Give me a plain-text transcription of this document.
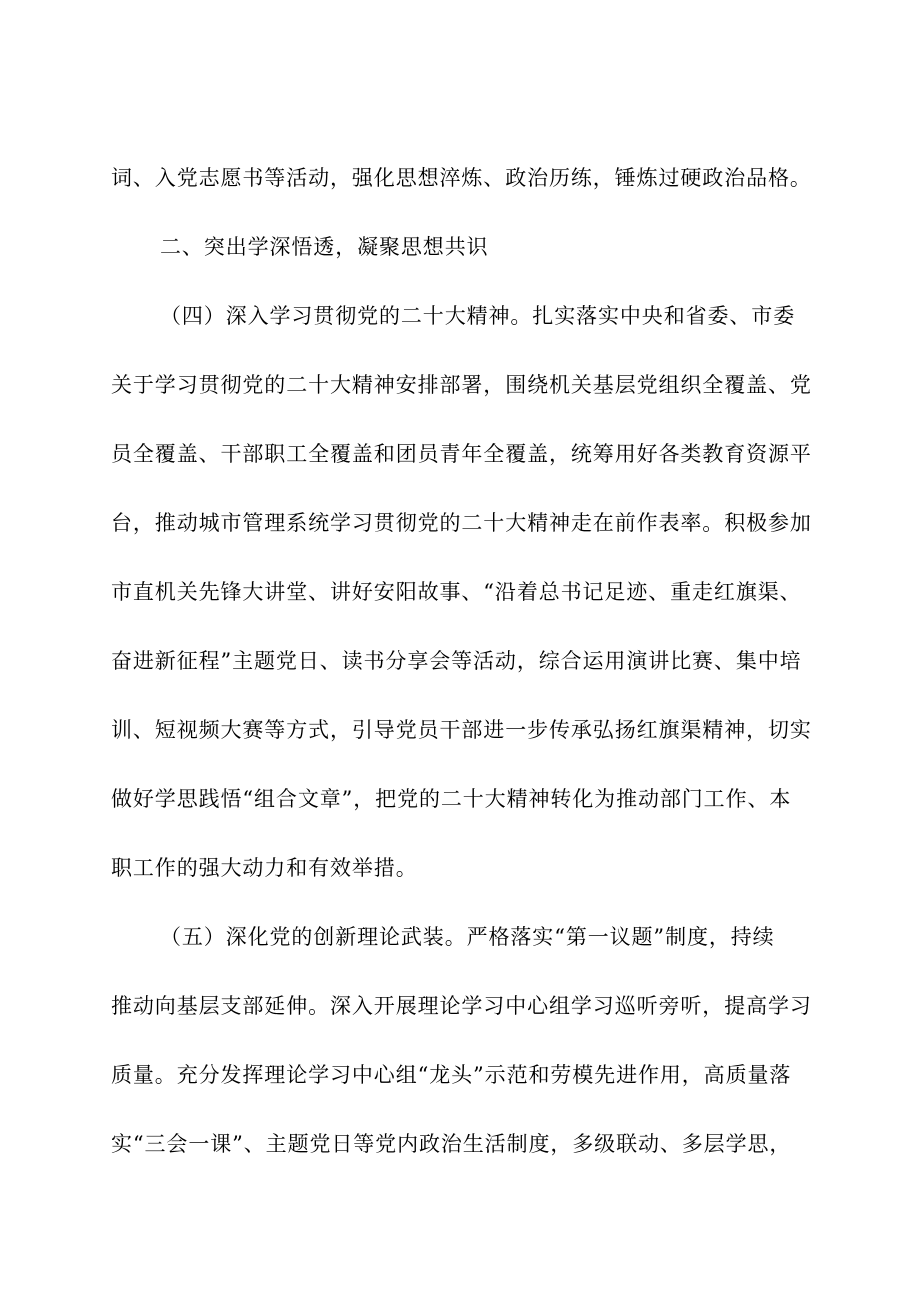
词、入党志愿书等活动，强化思想淬炼、政治历练，锤炼过硬政治品格。
二、突出学深悟透，凝聚思想共识
（四）深入学习贯彻党的二十大精神。扎实落实中央和省委、市委
关于学习贯彻党的二十大精神安排部署，围绕机关基层党组织全覆盖、党
员全覆盖、干部职工全覆盖和团员青年全覆盖，统筹用好各类教育资源平
台，推动城市管理系统学习贯彻党的二十大精神走在前作表率。积极参加
市直机关先锋大讲堂、讲好安阳故事、“沿着总书记足迹、重走红旗渠、
奋进新征程”主题党日、读书分享会等活动，综合运用演讲比赛、集中培
训、短视频大赛等方式，引导党员干部进一步传承弘扬红旗渠精神，切实
做好学思践悟“组合文章”，把党的二十大精神转化为推动部门工作、本
职工作的强大动力和有效举措。
（五）深化党的创新理论武装。严格落实“第一议题”制度，持续
推动向基层支部延伸。深入开展理论学习中心组学习巡听旁听，提高学习
质量。充分发挥理论学习中心组“龙头”示范和劳模先进作用，高质量落
实“三会一课”、主题党日等党内政治生活制度，多级联动、多层学思，
